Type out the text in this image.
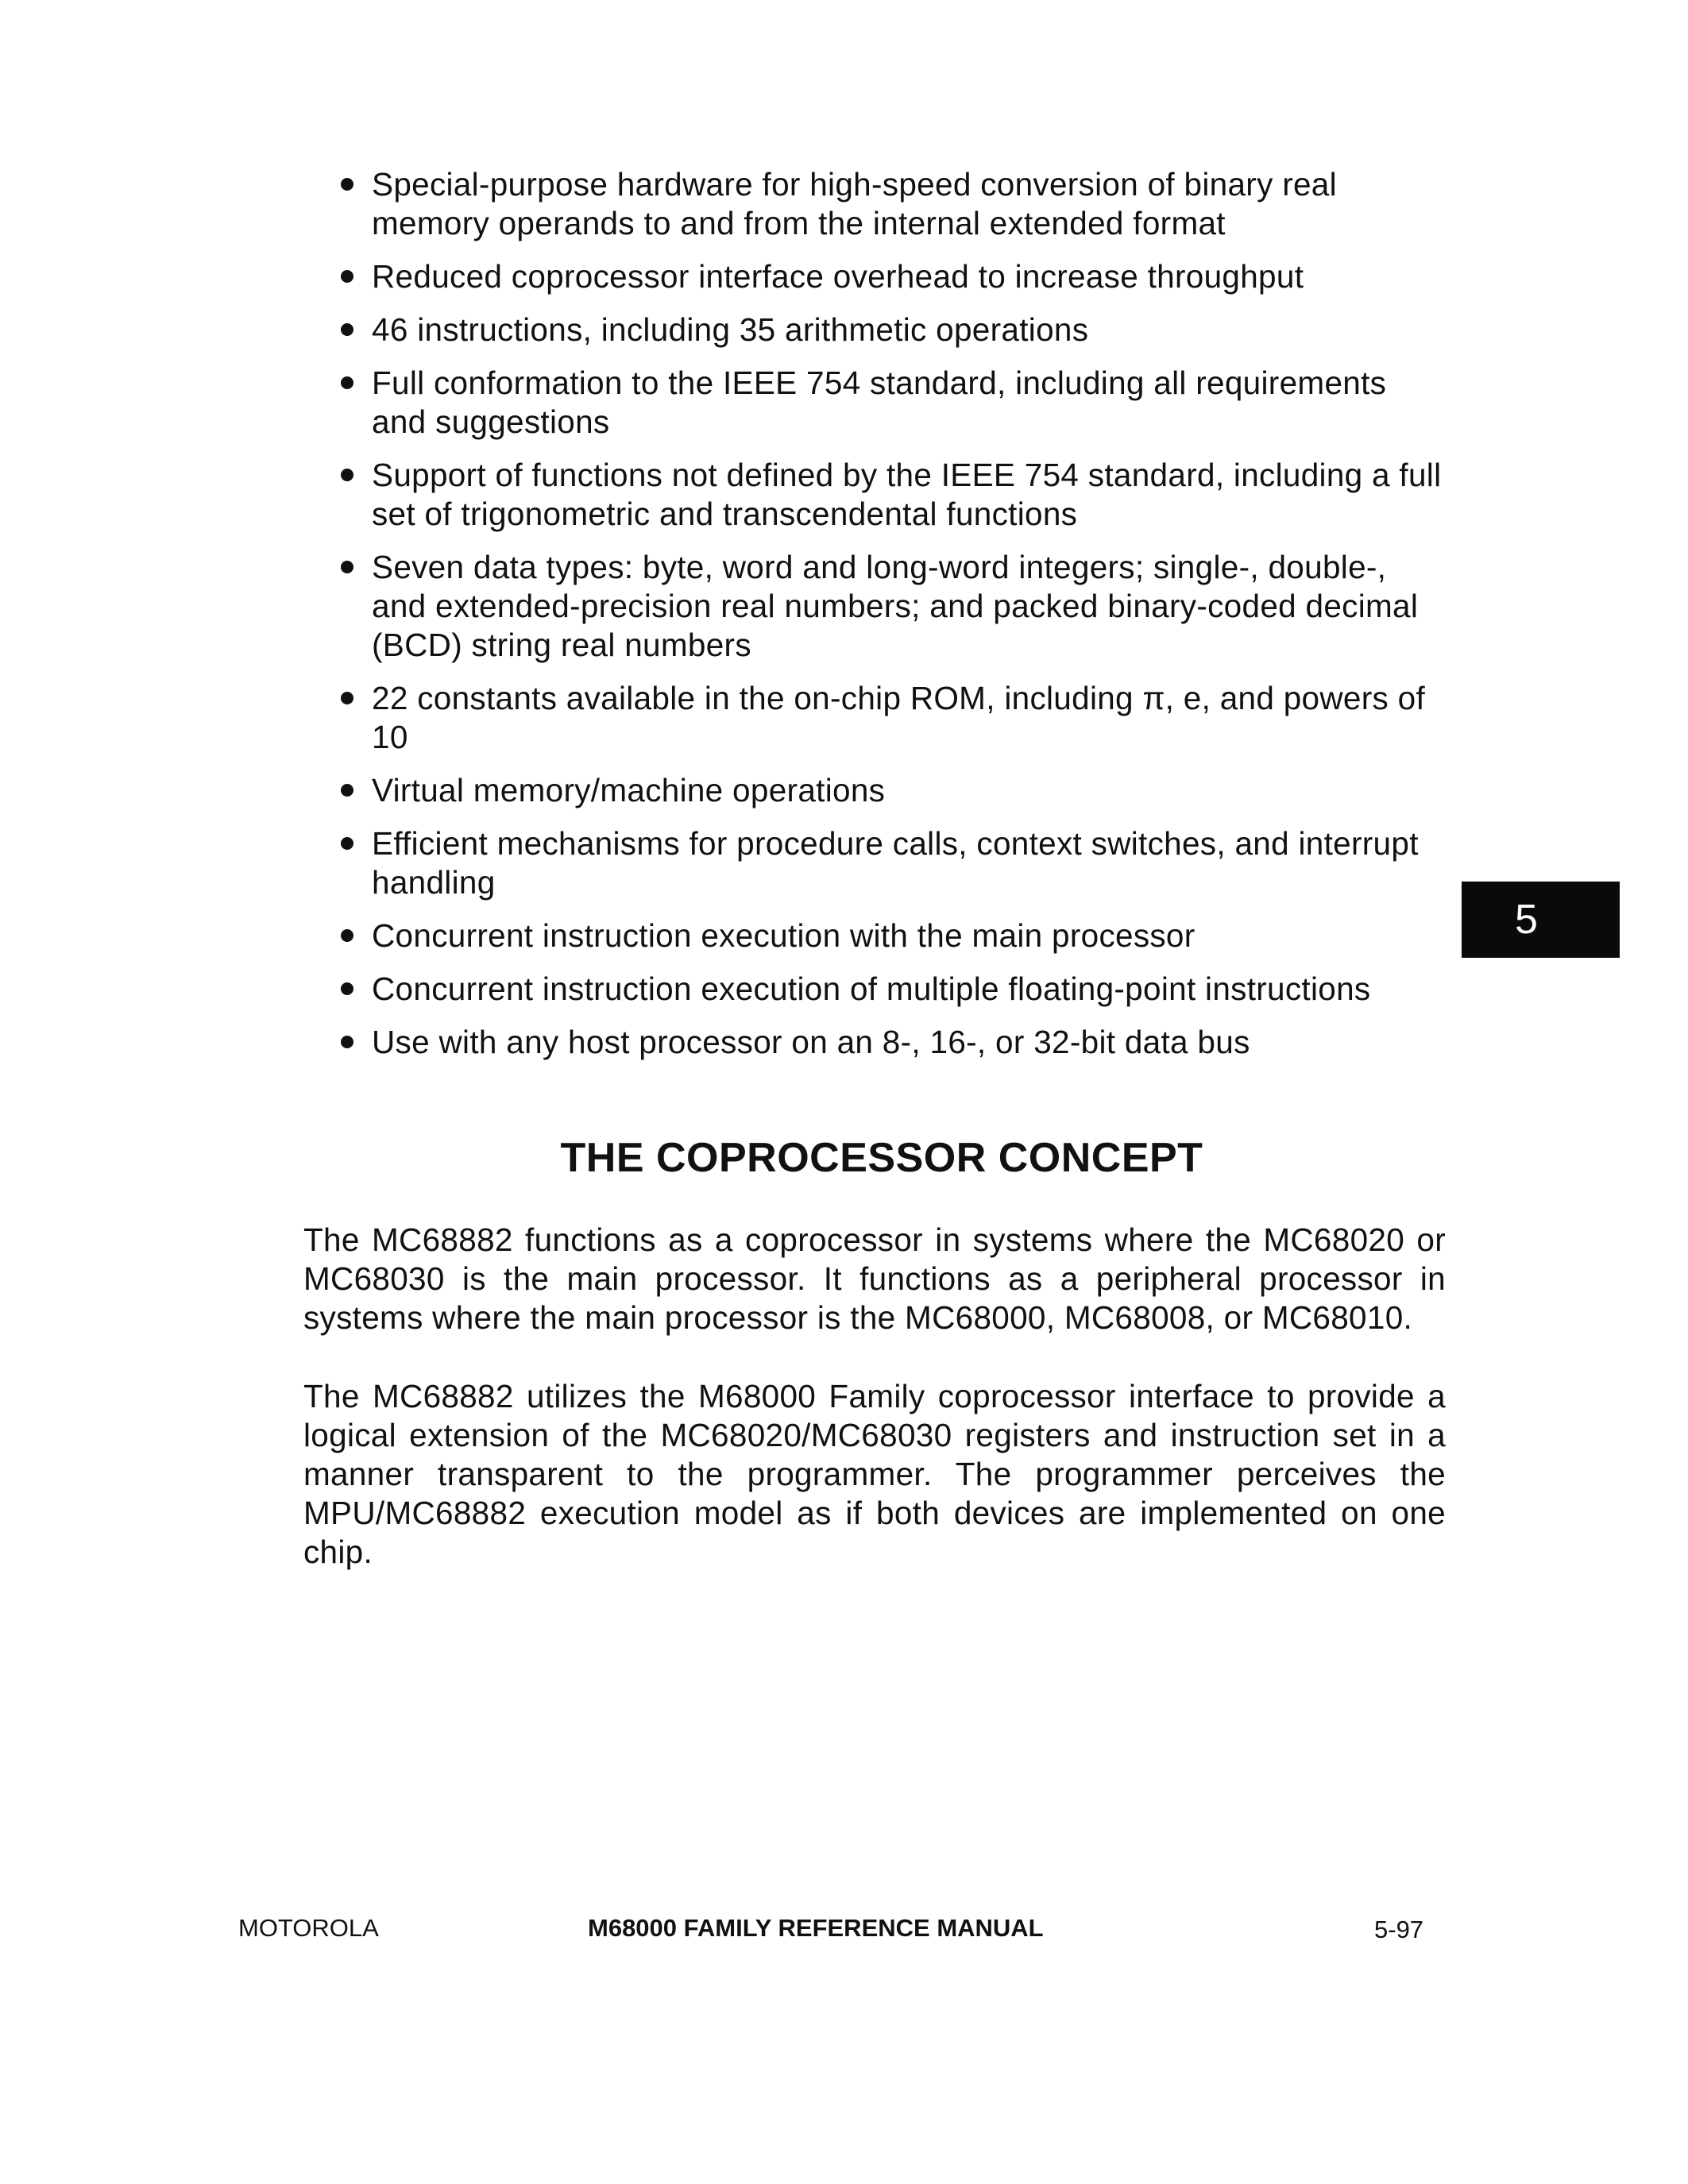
Special-purpose hardware for high-speed conversion of binary real memory operands to and from the internal extended format
Reduced coprocessor interface overhead to increase throughput
46 instructions, including 35 arithmetic operations
Full conformation to the IEEE 754 standard, including all requirements and suggestions
Support of functions not defined by the IEEE 754 standard, including a full set of trigonometric and transcendental functions
Seven data types: byte, word and long-word integers; single-, double-, and extended-precision real numbers; and packed binary-coded decimal (BCD) string real numbers
22 constants available in the on-chip ROM, including π, e, and powers of 10
Virtual memory/machine operations
Efficient mechanisms for procedure calls, context switches, and interrupt handling
Concurrent instruction execution with the main processor
Concurrent instruction execution of multiple floating-point instructions
Use with any host processor on an 8-, 16-, or 32-bit data bus
5
THE COPROCESSOR CONCEPT

The MC68882 functions as a coprocessor in systems where the MC68020 or MC68030 is the main processor. It functions as a peripheral processor in systems where the main processor is the MC68000, MC68008, or MC68010.

The MC68882 utilizes the M68000 Family coprocessor interface to provide a logical extension of the MC68020/MC68030 registers and instruction set in a manner transparent to the programmer. The programmer perceives the MPU/MC68882 execution model as if both devices are implemented on one chip.

MOTOROLA	M68000 FAMILY REFERENCE MANUAL	5-97
